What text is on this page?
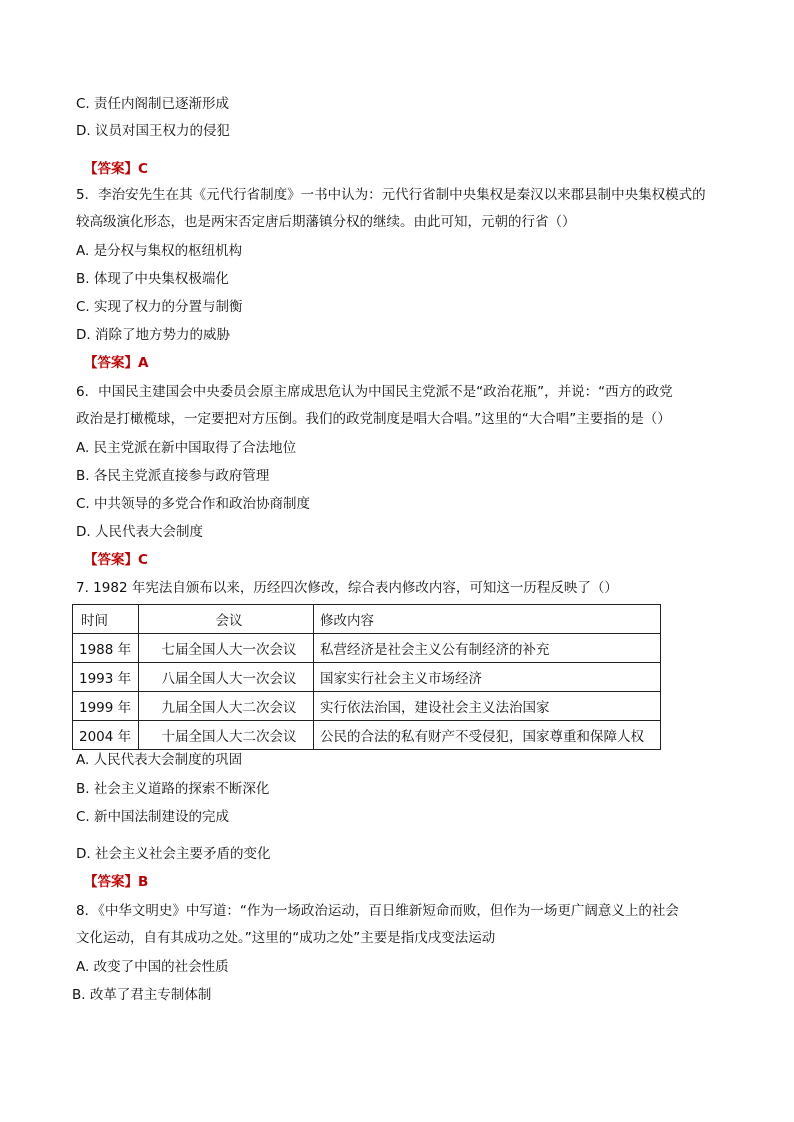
C. 责任内阁制已逐渐形成
D. 议员对国王权力的侵犯
【答案】C
5．李治安先生在其《元代行省制度》一书中认为：元代行省制中央集权是秦汉以来郡县制中央集权模式的
较高级演化形态，也是两宋否定唐后期藩镇分权的继续。由此可知，元朝的行省（）
A. 是分权与集权的枢纽机构
B. 体现了中央集权极端化
C. 实现了权力的分置与制衡
D. 消除了地方势力的威胁
【答案】A
6．中国民主建国会中央委员会原主席成思危认为中国民主党派不是“政治花瓶”，并说：“西方的政党
政治是打橄榄球，一定要把对方压倒。我们的政党制度是唱大合唱。”这里的“大合唱”主要指的是（）
A. 民主党派在新中国取得了合法地位
B. 各民主党派直接参与政府管理
C. 中共领导的多党合作和政治协商制度
D. 人民代表大会制度
【答案】C
7. 1982 年宪法自颁布以来，历经四次修改，综合表内修改内容，可知这一历程反映了（）
时间	会议	修改内容
1988 年	七届全国人大一次会议	私营经济是社会主义公有制经济的补充
1993 年	八届全国人大一次会议	国家实行社会主义市场经济
1999 年	九届全国人大二次会议	实行依法治国，建设社会主义法治国家
2004 年	十届全国人大二次会议	公民的合法的私有财产不受侵犯，国家尊重和保障人权
A. 人民代表大会制度的巩固
B. 社会主义道路的探索不断深化
C. 新中国法制建设的完成
D. 社会主义社会主要矛盾的变化
【答案】B
8．《中华文明史》中写道：“作为一场政治运动，百日维新短命而败，但作为一场更广阔意义上的社会
文化运动，自有其成功之处。”这里的“成功之处”主要是指戊戌变法运动
A. 改变了中国的社会性质
B. 改革了君主专制体制
